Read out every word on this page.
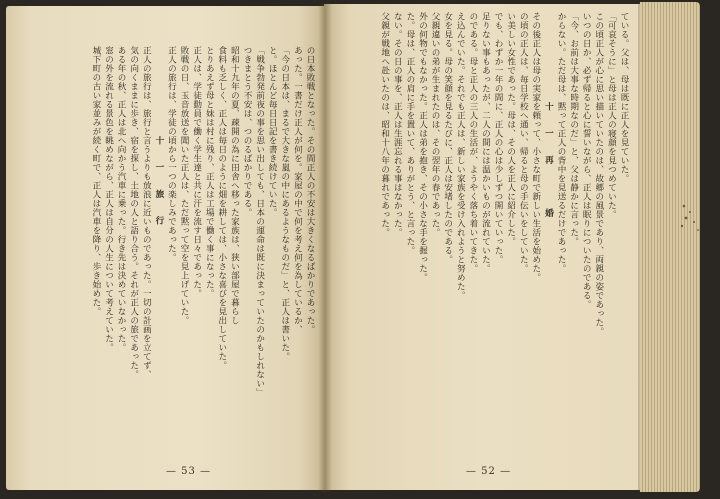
の日本敗戦となった。その間正人の不安は大きくなるばかりであった。

あった。一書だけ正人が何を。家屋の中で何を考え何を為しているか、

「今の日本は、まるで大きな嵐の中にあるようなものだ」と、正人は書いた。

と。ほとんど毎日日記を書き続けていた。

「戦争勃発前夜の事を思い出しても、日本の運命は既に決まっていたのかもしれない」

つきまとう不安は、つのるばかりである。

昭和十九年の夏、疎開の為に田舎へ移った家族は、狭い部屋で暮らし

食料も乏しく、正人は毎日のように畑を耕しては、小さな喜びを見出していた。

とりあえず母と妹は村に残り、正人は工場で働く事になった。

正人は、学徒動員で働く学生達と共に汗を流す日々であった。

敗戦の日、玉音放送を聞いた正人は、ただ黙って空を見上げていた。

正人の旅行は、学徒の頃から一つの楽しみであった。

十 一 旅 行

正人の旅行は、旅行と言うよりも放浪に近いものであった。一切の計画を立てず、

気の向くままに歩き、宿を探し、土地の人と語り合う。それが正人の旅であった。

ある年の秋、正人は北へ向かう汽車に乗った。行き先は決めていなかった。

窓の外を流れる景色を眺めながら、正人は自分の人生について考えていた。

城下町の古い家並みが続く町で、正人は汽車を降り、歩き始めた。	ている。父は、母は既に正人を見ていた。

「可哀そうに」と母は正人の寝顔を見つめていた。

この頃正人が心に思い描いていたのは、故郷の風景であり、両親の姿であった。

いつの日か、必ず帰ると心に誓いながら、正人は眠りについたのである。

「今、お前は大事な時期なのだ」と、父は静かに言った。

からない。ただ母は、黙って正人の背中を見送るだけであった。

十 一 再 　 婚

その後正人は母の実家を頼って、小さな町で新しい生活を始めた。

の頃の正人は、毎日学校へ通い、帰ると母の手伝いをしていた。

い美しい女性であった。母は、その人を正人に紹介した。

でも、わずか一年の間に、正人の心は少しずつ開いていった。

足りない事もあったが、二人の間には温かいものが流れていた。

のである。母と正人の三人の生活が、ようやく落ち着いてきた。

え込んでいた。それでも正人は、新しい家族を受け入れようと努めた。

女を見る。母の笑顔を見るたびに、正人は安堵したのである。

父親違いの弟が生まれたのは、その翌年の春であった。

外の何物でもなかった。正人は弟を抱き、その小さな手を握った。

た。母は、正人の肩に手を置いて、ありがとう、と言った。

ない。その日の事を、正人は生涯忘れる事はなかった。

父親が戦地へ赴いたのは、昭和十八年の暮れであった。

— 53 —	— 52 —
